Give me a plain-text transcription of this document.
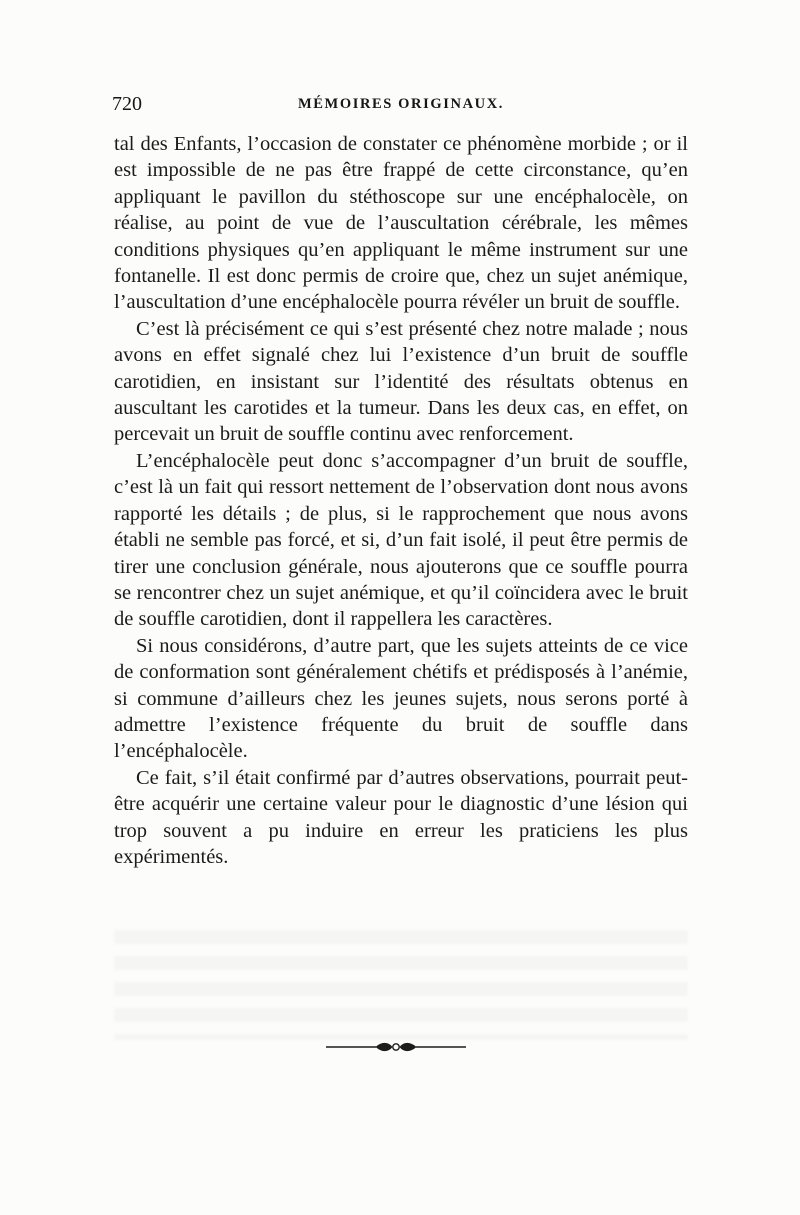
720	MÉMOIRES ORIGINAUX.

tal des Enfants, l’occasion de constater ce phénomène morbide ; or il est impossible de ne pas être frappé de cette circonstance, qu’en appliquant le pavillon du stéthoscope sur une encéphalocèle, on réalise, au point de vue de l’auscultation cérébrale, les mêmes conditions physiques qu’en appliquant le même instrument sur une fontanelle. Il est donc permis de croire que, chez un sujet anémique, l’auscultation d’une encéphalocèle pourra révéler un bruit de souffle.

C’est là précisément ce qui s’est présenté chez notre malade ; nous avons en effet signalé chez lui l’existence d’un bruit de souffle carotidien, en insistant sur l’identité des résultats obtenus en auscultant les carotides et la tumeur. Dans les deux cas, en effet, on percevait un bruit de souffle continu avec renforcement.

L’encéphalocèle peut donc s’accompagner d’un bruit de souffle, c’est là un fait qui ressort nettement de l’observation dont nous avons rapporté les détails ; de plus, si le rapprochement que nous avons établi ne semble pas forcé, et si, d’un fait isolé, il peut être permis de tirer une conclusion générale, nous ajouterons que ce souffle pourra se rencontrer chez un sujet anémique, et qu’il coïncidera avec le bruit de souffle carotidien, dont il rappellera les caractères.

Si nous considérons, d’autre part, que les sujets atteints de ce vice de conformation sont généralement chétifs et prédisposés à l’anémie, si commune d’ailleurs chez les jeunes sujets, nous serons porté à admettre l’existence fréquente du bruit de souffle dans l’encéphalocèle.

Ce fait, s’il était confirmé par d’autres observations, pourrait peut-être acquérir une certaine valeur pour le diagnostic d’une lésion qui trop souvent a pu induire en erreur les praticiens les plus expérimentés.
